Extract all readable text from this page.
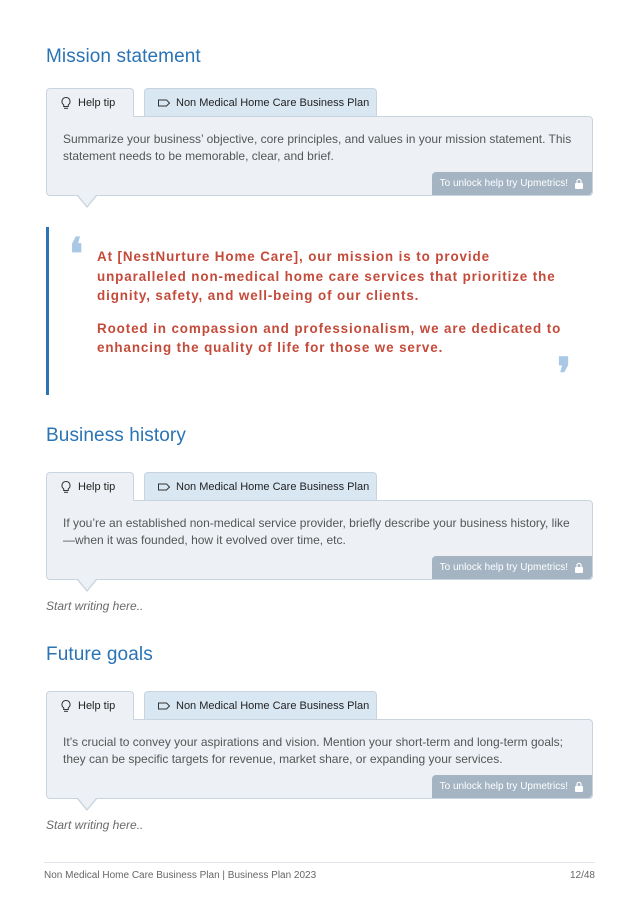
Mission statement
Help tip	Non Medical Home Care Business Plan

Summarize your business’ objective, core principles, and values in your mission statement. This statement needs to be memorable, clear, and brief.

To unlock help try Upmetrics!
❛ At [NestNurture Home Care], our mission is to provide unparalleled non-medical home care services that prioritize the dignity, safety, and well-being of our clients.

Rooted in compassion and professionalism, we are dedicated to enhancing the quality of life for those we serve.

❜
Business history
Help tip	Non Medical Home Care Business Plan

If you’re an established non-medical service provider, briefly describe your business history, like—when it was founded, how it evolved over time, etc.

To unlock help try Upmetrics!
Start writing here..
Future goals
Help tip	Non Medical Home Care Business Plan

It’s crucial to convey your aspirations and vision. Mention your short-term and long-term goals; they can be specific targets for revenue, market share, or expanding your services.

To unlock help try Upmetrics!
Start writing here..
Non Medical Home Care Business Plan | Business Plan 2023	12/48
